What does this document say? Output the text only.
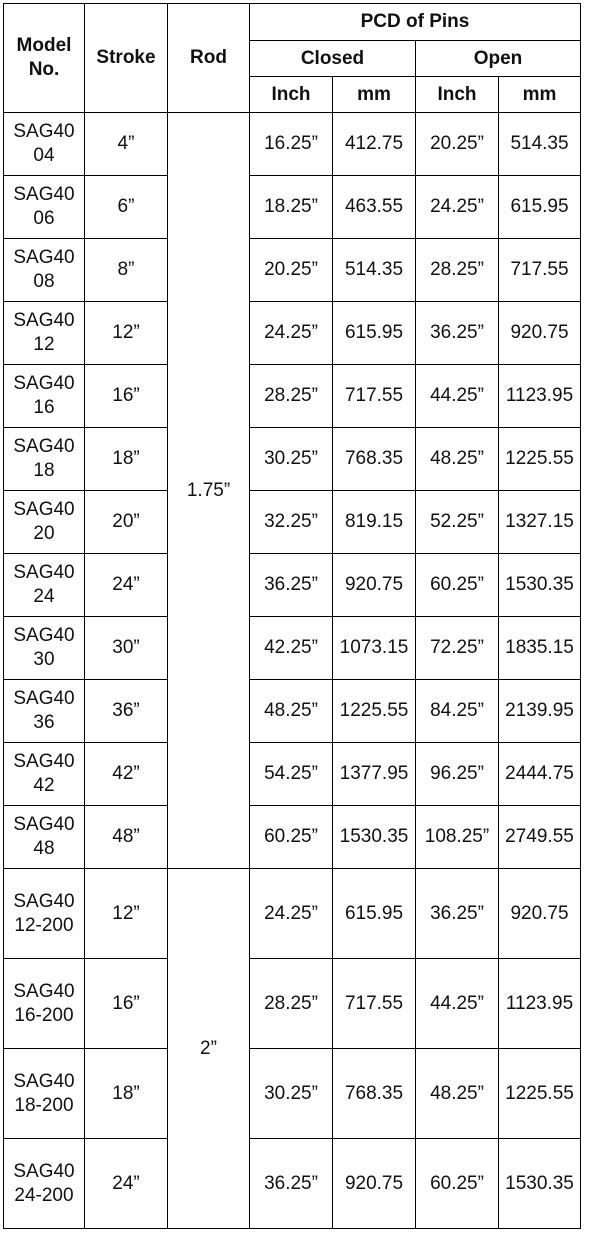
Model No.	Stroke	Rod	PCD of Pins			
			Closed		Open	
			Inch	mm	Inch	mm
SAG40 04	4”	1.75”	16.25”	412.75	20.25”	514.35
SAG40 06	6”		18.25”	463.55	24.25”	615.95
SAG40 08	8”		20.25”	514.35	28.25”	717.55
SAG40 12	12”		24.25”	615.95	36.25”	920.75
SAG40 16	16”		28.25”	717.55	44.25”	1123.95
SAG40 18	18”		30.25”	768.35	48.25”	1225.55
SAG40 20	20”		32.25”	819.15	52.25”	1327.15
SAG40 24	24”		36.25”	920.75	60.25”	1530.35
SAG40 30	30”		42.25”	1073.15	72.25”	1835.15
SAG40 36	36”		48.25”	1225.55	84.25”	2139.95
SAG40 42	42”		54.25”	1377.95	96.25”	2444.75
SAG40 48	48”		60.25”	1530.35	108.25”	2749.55
SAG40 12-200	12”	2”	24.25”	615.95	36.25”	920.75
SAG40 16-200	16”		28.25”	717.55	44.25”	1123.95
SAG40 18-200	18”		30.25”	768.35	48.25”	1225.55
SAG40 24-200	24”		36.25”	920.75	60.25”	1530.35
